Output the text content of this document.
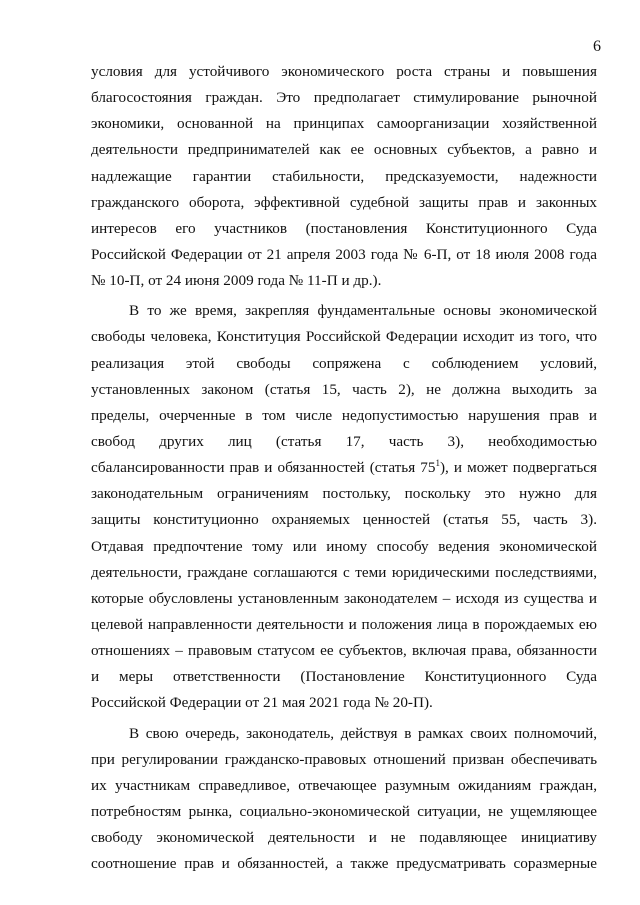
6
условия для устойчивого экономического роста страны и повышения
благосостояния граждан. Это предполагает стимулирование рыночной
экономики, основанной на принципах самоорганизации хозяйственной
деятельности предпринимателей как ее основных субъектов, а равно и
надлежащие гарантии стабильности, предсказуемости, надежности
гражданского оборота, эффективной судебной защиты прав и законных
интересов его участников (постановления Конституционного Суда
Российской Федерации от 21 апреля 2003 года № 6-П, от 18 июля 2008 года
№ 10-П, от 24 июня 2009 года № 11-П и др.).
В то же время, закрепляя фундаментальные основы экономической
свободы человека, Конституция Российской Федерации исходит из того, что
реализация этой свободы сопряжена с соблюдением условий,
установленных законом (статья 15, часть 2), не должна выходить за
пределы, очерченные в том числе недопустимостью нарушения прав и
свобод других лиц (статья 17, часть 3), необходимостью
сбалансированности прав и обязанностей (статья $75^1$), и может подвергаться
законодательным ограничениям постольку, поскольку это нужно для
защиты конституционно охраняемых ценностей (статья 55, часть 3).
Отдавая предпочтение тому или иному способу ведения экономической
деятельности, граждане соглашаются с теми юридическими последствиями,
которые обусловлены установленным законодателем – исходя из существа и
целевой направленности деятельности и положения лица в порождаемых ею
отношениях – правовым статусом ее субъектов, включая права, обязанности
и меры ответственности (Постановление Конституционного Суда
Российской Федерации от 21 мая 2021 года № 20-П).
В свою очередь, законодатель, действуя в рамках своих полномочий,
при регулировании гражданско-правовых отношений призван обеспечивать
их участникам справедливое, отвечающее разумным ожиданиям граждан,
потребностям рынка, социально-экономической ситуации, не ущемляющее
свободу экономической деятельности и не подавляющее инициативу
соотношение прав и обязанностей, а также предусматривать соразмерные
